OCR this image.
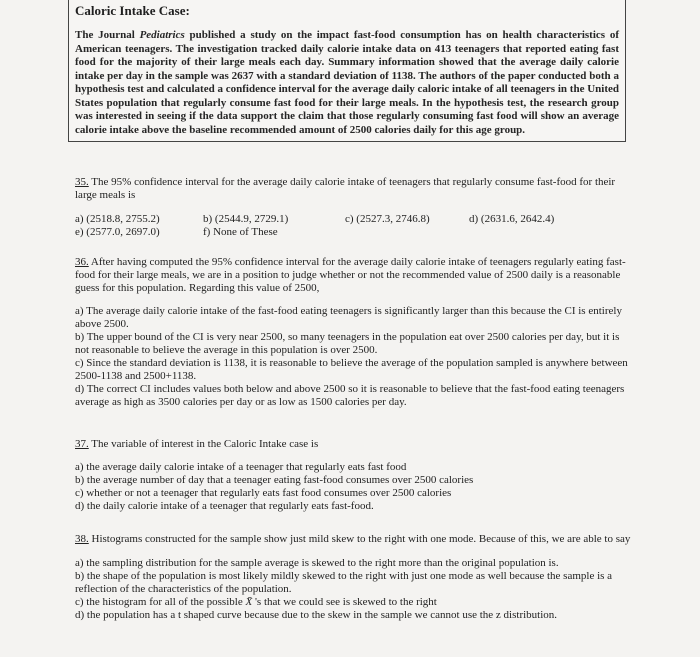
Caloric Intake Case:

The Journal Pediatrics published a study on the impact fast-food consumption has on health characteristics of American teenagers. The investigation tracked daily calorie intake data on 413 teenagers that reported eating fast food for the majority of their large meals each day. Summary information showed that the average daily calorie intake per day in the sample was 2637 with a standard deviation of 1138. The authors of the paper conducted both a hypothesis test and calculated a confidence interval for the average daily caloric intake of all teenagers in the United States population that regularly consume fast food for their large meals. In the hypothesis test, the research group was interested in seeing if the data support the claim that those regularly consuming fast food will show an average calorie intake above the baseline recommended amount of 2500 calories daily for this age group.

35. The 95% confidence interval for the average daily calorie intake of teenagers that regularly consume fast-food for their large meals is

a) (2518.8, 2755.2)	b) (2544.9, 2729.1)	c) (2527.3, 2746.8)	d) (2631.6, 2642.4)
e) (2577.0, 2697.0)	f) None of These

36. After having computed the 95% confidence interval for the average daily calorie intake of teenagers regularly eating fast-food for their large meals, we are in a position to judge whether or not the recommended value of 2500 daily is a reasonable guess for this population. Regarding this value of 2500,

a) The average daily calorie intake of the fast-food eating teenagers is significantly larger than this because the CI is entirely above 2500.

b) The upper bound of the CI is very near 2500, so many teenagers in the population eat over 2500 calories per day, but it is not reasonable to believe the average in this population is over 2500.

c) Since the standard deviation is 1138, it is reasonable to believe the average of the population sampled is anywhere between 2500-1138 and 2500+1138.

d) The correct CI includes values both below and above 2500 so it is reasonable to believe that the fast-food eating teenagers average as high as 3500 calories per day or as low as 1500 calories per day.

37. The variable of interest in the Caloric Intake case is

a) the average daily calorie intake of a teenager that regularly eats fast food

b) the average number of day that a teenager eating fast-food consumes over 2500 calories

c) whether or not a teenager that regularly eats fast food consumes over 2500 calories

d) the daily calorie intake of a teenager that regularly eats fast-food.

38. Histograms constructed for the sample show just mild skew to the right with one mode. Because of this, we are able to say

a) the sampling distribution for the sample average is skewed to the right more than the original population is.

b) the shape of the population is most likely mildly skewed to the right with just one mode as well because the sample is a reflection of the characteristics of the population.

c) the histogram for all of the possible X̄ 's that we could see is skewed to the right

d) the population has a t shaped curve because due to the skew in the sample we cannot use the z distribution.
